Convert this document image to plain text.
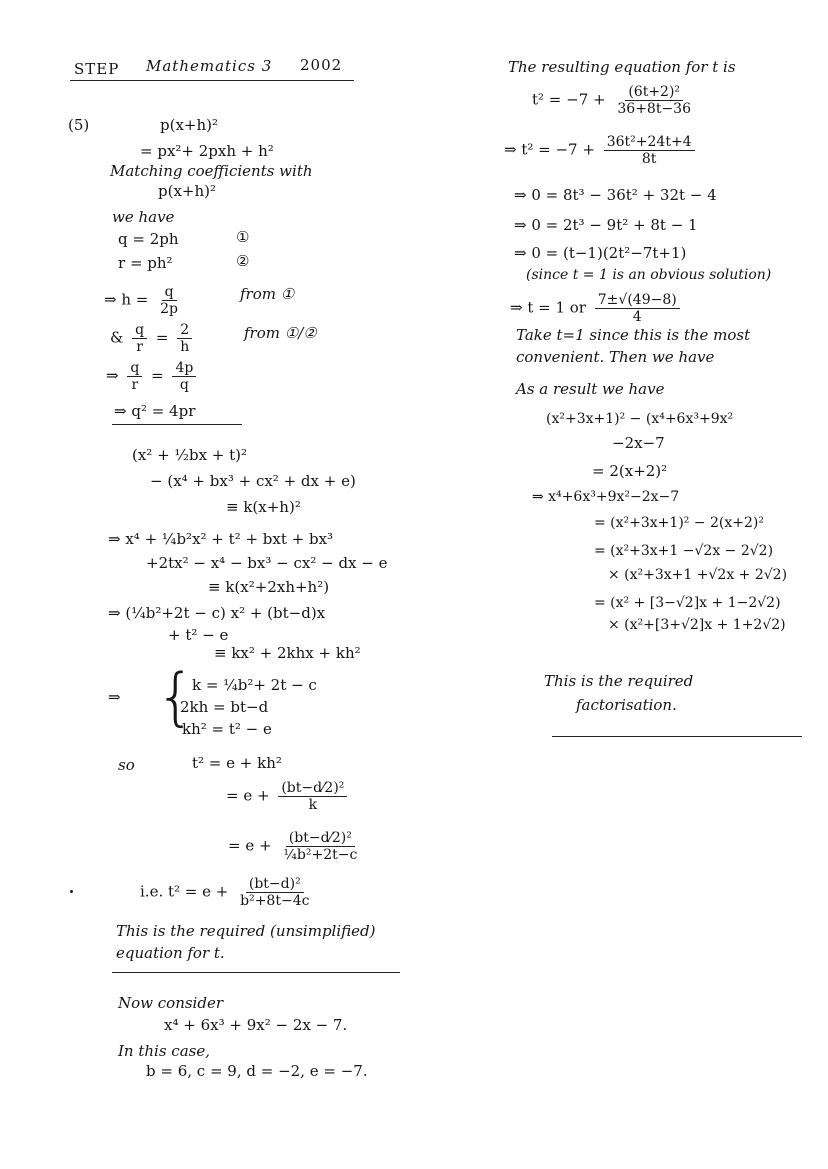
STEP Mathematics 3 2002
(5)	p(x+h)²
= px²+ 2pxh + h²
Matching coefficients with
p(x+h)²
we have
q = 2ph	①
r = ph²	②
⇒ $h = \frac{q}{2p}$	from ①
& $\frac{q}{r} = \frac{2}{h}$	from ①/②
⇒ $\frac{q}{r} = \frac{4p}{q}$
⇒ q² = 4pr
(x² + ½bx + t)²
− (x⁴ + bx³ + cx² + dx + e)
≡ k(x+h)²
⇒ x⁴ + ¼b²x² + t² + bxt + bx³
+2tx² − x⁴ − bx³ − cx² − dx − e
≡ k(x²+2xh+h²)
⇒ (¼b²+2t − c) x² + (bt−d)x
+ t² − e
≡ kx² + 2khx + kh²
⇒ {
k = ¼b²+ 2t − c
2kh = bt−d
kh² = t² − e
so	t² = e + kh²
= $e + \frac{\text{(bt−d⁄2)²}}{k}$
= $e + \frac{\text{(bt−d⁄2)²}}{\text{¼b²+2t−c}}$
i.e. $t^2 = e + \frac{\text{(bt−d)²}}{\text{b²+8t−4c}}$
This is the required (unsimplified)
equation for t.
Now consider
x⁴ + 6x³ + 9x² − 2x − 7.
In this case,
b = 6, c = 9, d = −2, e = −7.
The resulting equation for t is
$t^2 = -7 + \frac{\text{(6t+2)²}}{36+8t-36}$
⇒ $t^2 = -7 + \frac{\text{36t²+24t+4}}{8t}$
⇒ 0 = 8t³ − 36t² + 32t − 4
⇒ 0 = 2t³ − 9t² + 8t − 1
⇒ 0 = (t−1)(2t²−7t+1)
(since t = 1 is an obvious solution)
⇒ t = 1 or $\frac{7\pm√(49-8)}{4}$
Take t=1 since this is the most
convenient. Then we have
As a result we have
(x²+3x+1)² − (x⁴+6x³+9x²
−2x−7
= 2(x+2)²
⇒ x⁴+6x³+9x²−2x−7
= (x²+3x+1)² − 2(x+2)²
= (x²+3x+1 −√2x − 2√2)
× (x²+3x+1 +√2x + 2√2)
= (x² + [3−√2]x + 1−2√2)
× (x²+[3+√2]x + 1+2√2)
This is the required
factorisation.
